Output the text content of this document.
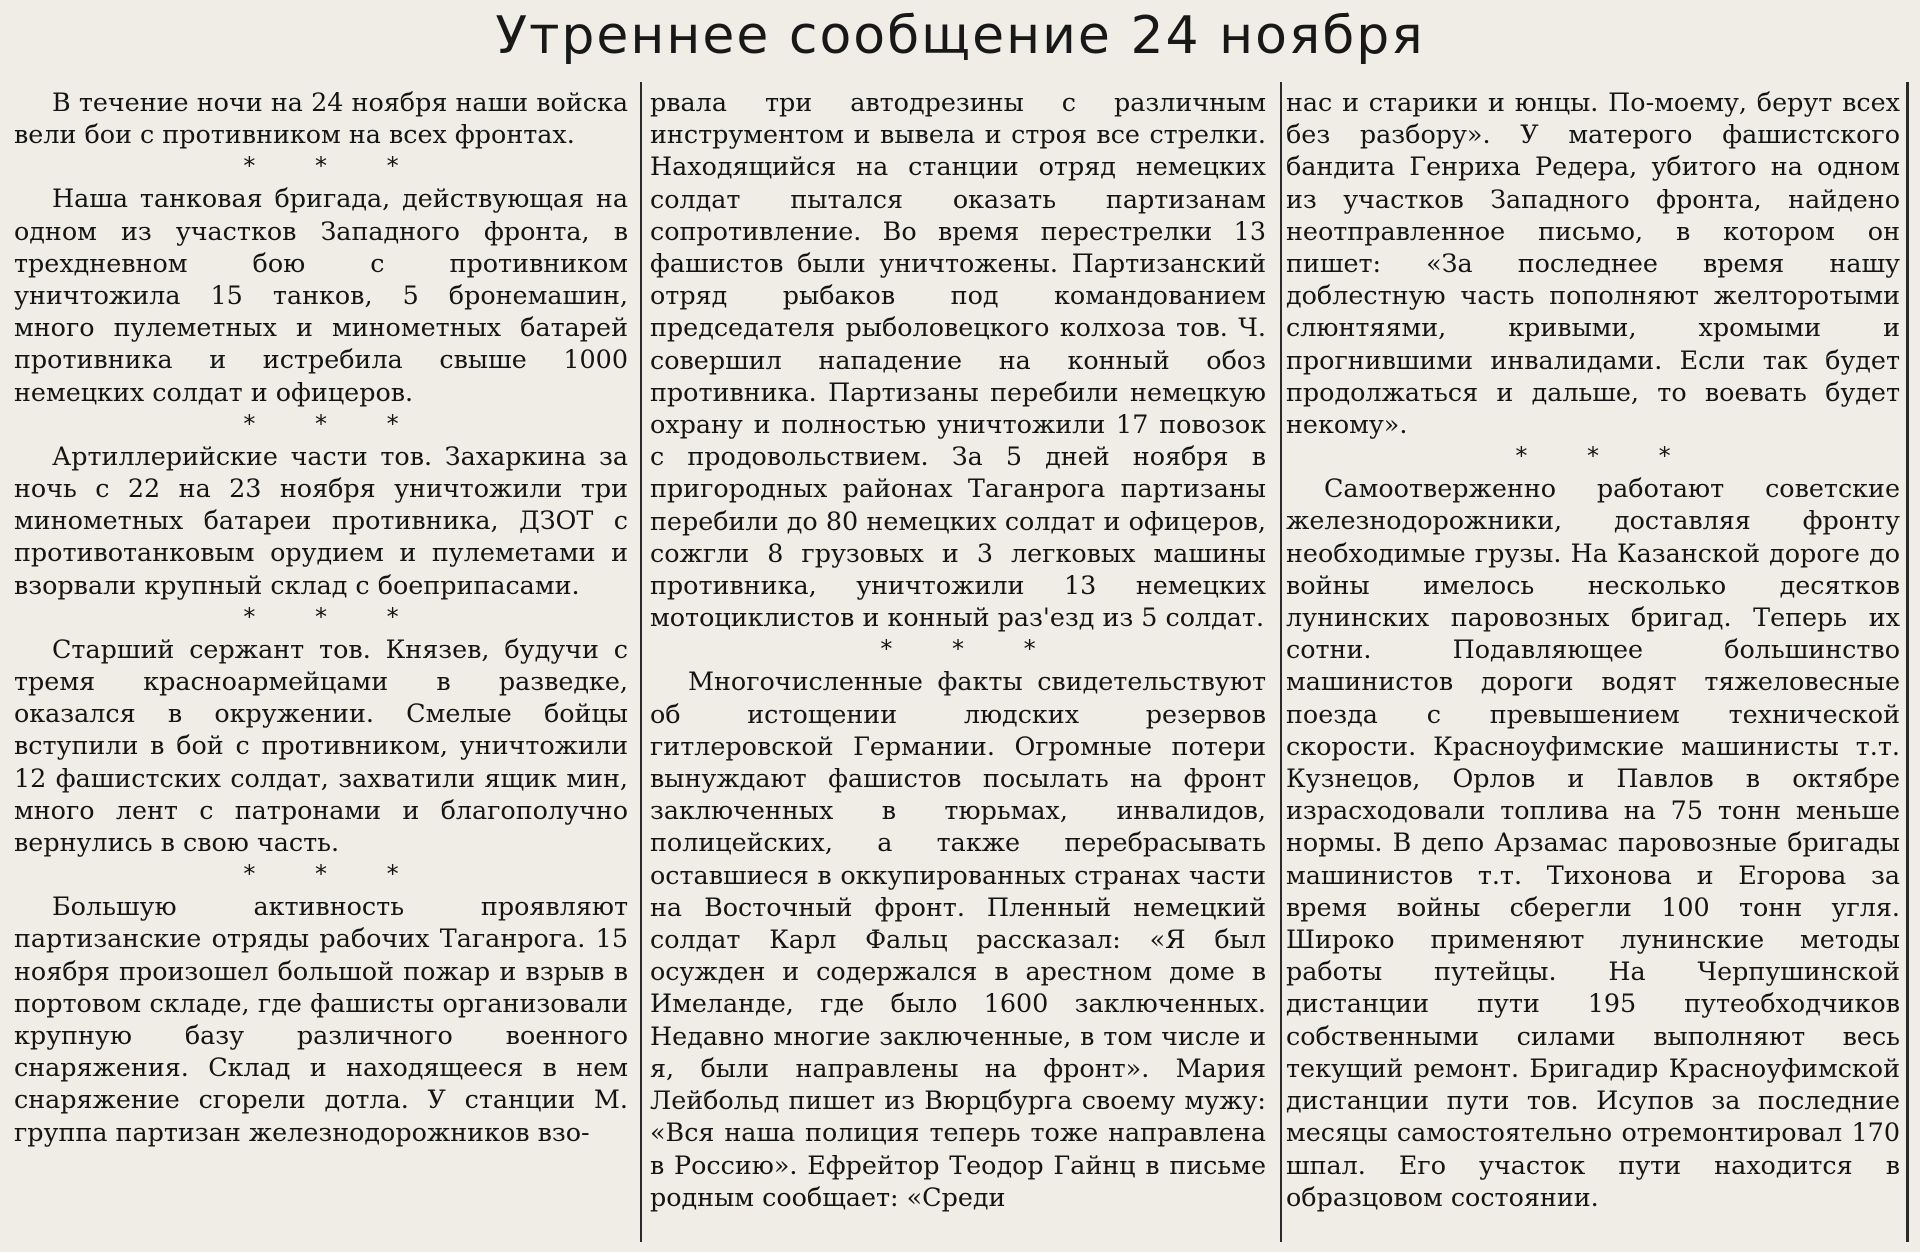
Утреннее сообщение 24 ноября

В течение ночи на 24 ноября наши войска вели бои с противником на всех фронтах.

* * *

Наша танковая бригада, действующая на одном из участков Западного фронта, в трехдневном бою с противником уничтожила 15 танков, 5 бронемашин, много пулеметных и минометных батарей противника и истребила свыше 1000 немецких солдат и офицеров.

* * *

Артиллерийские части тов. Захаркина за ночь с 22 на 23 ноября уничтожили три минометных батареи противника, ДЗОТ с противотанковым орудием и пулеметами и взорвали крупный склад с боеприпасами.

* * *

Старший сержант тов. Князев, будучи с тремя красноармейцами в разведке, оказался в окружении. Смелые бойцы вступили в бой с противником, уничтожили 12 фашистских солдат, захватили ящик мин, много лент с патронами и благополучно вернулись в свою часть.

* * *

Большую активность проявляют партизанские отряды рабочих Таганрога. 15 ноября произошел большой пожар и взрыв в портовом складе, где фашисты организовали крупную базу различного военного снаряжения. Склад и находящееся в нем снаряжение сгорели дотла. У станции М. группа партизан железнодорожников взо-

рвала три автодрезины с различным инструментом и вывела и строя все стрелки. Находящийся на станции отряд немецких солдат пытался оказать партизанам сопротивление. Во время перестрелки 13 фашистов были уничтожены. Партизанский отряд рыбаков под командованием председателя рыболовецкого колхоза тов. Ч. совершил нападение на конный обоз противника. Партизаны перебили немецкую охрану и полностью уничтожили 17 повозок с продовольствием. За 5 дней ноября в пригородных районах Таганрога партизаны перебили до 80 немецких солдат и офицеров, сожгли 8 грузовых и 3 легковых машины противника, уничтожили 13 немецких мотоциклистов и конный раз'езд из 5 солдат.

* * *

Многочисленные факты свидетельствуют об истощении людских резервов гитлеровской Германии. Огромные потери вынуждают фашистов посылать на фронт заключенных в тюрьмах, инвалидов, полицейских, а также перебрасывать оставшиеся в оккупированных странах части на Восточный фронт. Пленный немецкий солдат Карл Фальц рассказал: «Я был осужден и содержался в арестном доме в Имеланде, где было 1600 заключенных. Недавно многие заключенные, в том числе и я, были направлены на фронт». Мария Лейбольд пишет из Вюрцбурга своему мужу: «Вся наша полиция теперь тоже направлена в Россию». Ефрейтор Теодор Гайнц в письме родным сообщает: «Среди

нас и старики и юнцы. По-моему, берут всех без разбору». У матерого фашистского бандита Генриха Редера, убитого на одном из участков Западного фронта, найдено неотправленное письмо, в котором он пишет: «За последнее время нашу доблестную часть пополняют желторотыми слюнтяями, кривыми, хромыми и прогнившими инвалидами. Если так будет продолжаться и дальше, то воевать будет некому».

* * *

Самоотверженно работают советские железнодорожники, доставляя фронту необходимые грузы. На Казанской дороге до войны имелось несколько десятков лунинских паровозных бригад. Теперь их сотни. Подавляющее большинство машинистов дороги водят тяжеловесные поезда с превышением технической скорости. Красноуфимские машинисты т.т. Кузнецов, Орлов и Павлов в октябре израсходовали топлива на 75 тонн меньше нормы. В депо Арзамас паровозные бригады машинистов т.т. Тихонова и Егорова за время войны сберегли 100 тонн угля. Широко применяют лунинские методы работы путейцы. На Черпушинской дистанции пути 195 путеобходчиков собственными силами выполняют весь текущий ремонт. Бригадир Красноуфимской дистанции пути тов. Исупов за последние месяцы самостоятельно отремонтировал 170 шпал. Его участок пути находится в образцовом состоянии.
